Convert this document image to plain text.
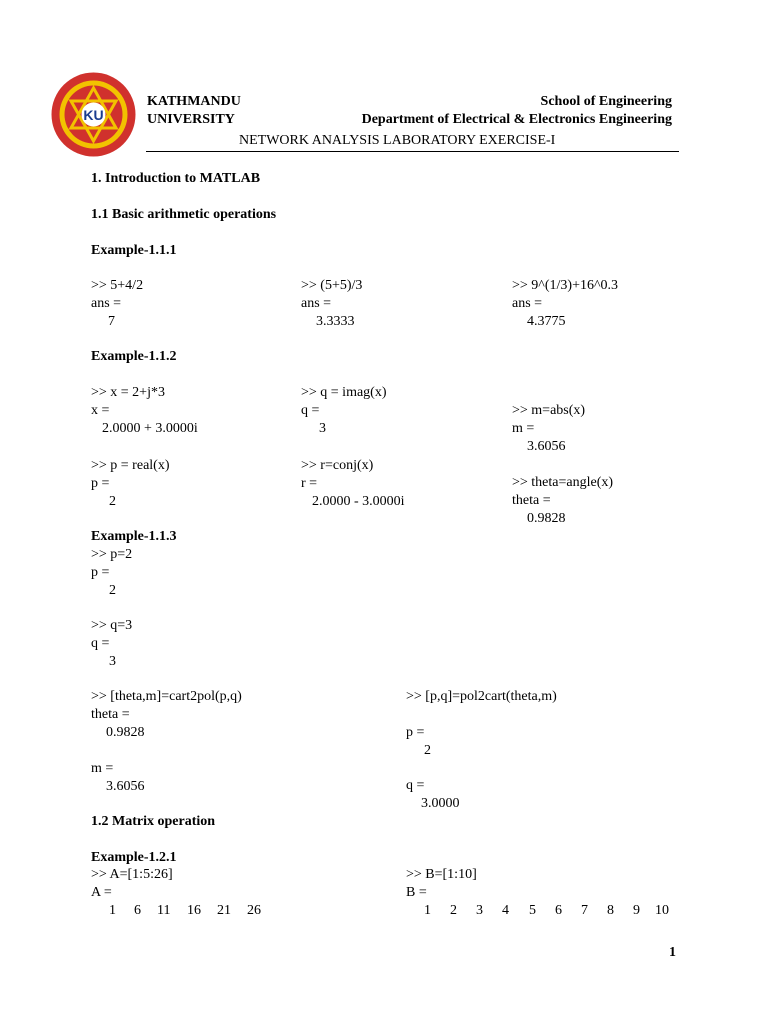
KU
KATHMANDU
UNIVERSITY
School of Engineering
Department of Electrical & Electronics Engineering
NETWORK ANALYSIS LABORATORY EXERCISE-I
1. Introduction to MATLAB
1.1 Basic arithmetic operations
Example-1.1.1
>> 5+4/2
ans =
7
>> (5+5)/3
ans =
3.3333
>> 9^(1/3)+16^0.3
ans =
4.3775
Example-1.1.2
>> x = 2+j*3
x =
2.0000 + 3.0000i
>> q = imag(x)
q =
3
>> m=abs(x)
m =
3.6056
>> p = real(x)
p =
2
>> r=conj(x)
r =
2.0000 - 3.0000i
>> theta=angle(x)
theta =
0.9828
Example-1.1.3
>> p=2
p =
2
>> q=3
q =
3
>> [theta,m]=cart2pol(p,q)
theta =
0.9828
m =
3.6056
>> [p,q]=pol2cart(theta,m)
p =
2
q =
3.0000
1.2 Matrix operation
Example-1.2.1
>> A=[1:5:26]
A =
1 6 11 16 21 26
>> B=[1:10]
B =
1 2 3 4 5 6 7 8 9 10
1
